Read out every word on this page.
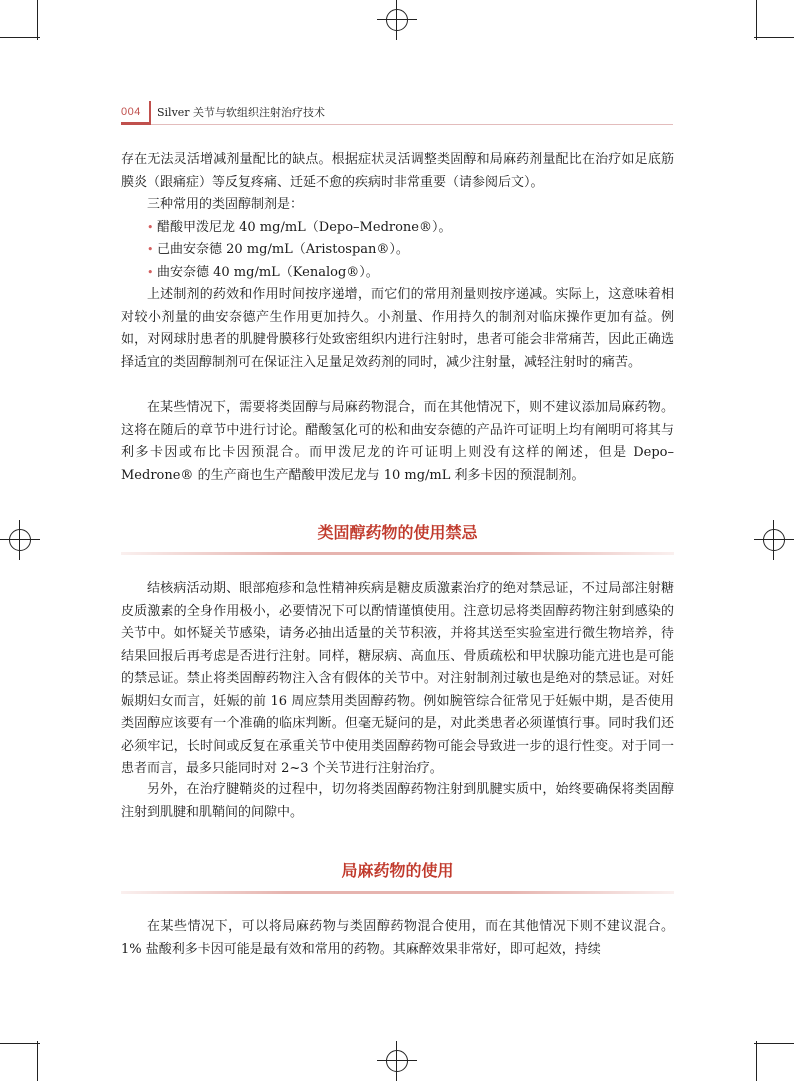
004	Silver 关节与软组织注射治疗技术
存在无法灵活增减剂量配比的缺点。根据症状灵活调整类固醇和局麻药剂量配比在治疗如足底筋膜炎（跟痛症）等反复疼痛、迁延不愈的疾病时非常重要（请参阅后文）。
三种常用的类固醇制剂是：
• 醋酸甲泼尼龙 40 mg/mL（Depo–Medrone®）。
• 己曲安奈德 20 mg/mL（Aristospan®）。
• 曲安奈德 40 mg/mL（Kenalog®）。
上述制剂的药效和作用时间按序递增，而它们的常用剂量则按序递减。实际上，这意味着相对较小剂量的曲安奈德产生作用更加持久。小剂量、作用持久的制剂对临床操作更加有益。例如，对网球肘患者的肌腱骨膜移行处致密组织内进行注射时，患者可能会非常痛苦，因此正确选择适宜的类固醇制剂可在保证注入足量足效药剂的同时，减少注射量，减轻注射时的痛苦。
在某些情况下，需要将类固醇与局麻药物混合，而在其他情况下，则不建议添加局麻药物。这将在随后的章节中进行讨论。醋酸氢化可的松和曲安奈德的产品许可证明上均有阐明可将其与利多卡因或布比卡因预混合。而甲泼尼龙的许可证明上则没有这样的阐述，但是 Depo–Medrone® 的生产商也生产醋酸甲泼尼龙与 10 mg/mL 利多卡因的预混制剂。
类固醇药物的使用禁忌
结核病活动期、眼部疱疹和急性精神疾病是糖皮质激素治疗的绝对禁忌证，不过局部注射糖皮质激素的全身作用极小，必要情况下可以酌情谨慎使用。注意切忌将类固醇药物注射到感染的关节中。如怀疑关节感染，请务必抽出适量的关节积液，并将其送至实验室进行微生物培养，待结果回报后再考虑是否进行注射。同样，糖尿病、高血压、骨质疏松和甲状腺功能亢进也是可能的禁忌证。禁止将类固醇药物注入含有假体的关节中。对注射制剂过敏也是绝对的禁忌证。对妊娠期妇女而言，妊娠的前 16 周应禁用类固醇药物。例如腕管综合征常见于妊娠中期，是否使用类固醇应该要有一个准确的临床判断。但毫无疑问的是，对此类患者必须谨慎行事。同时我们还必须牢记，长时间或反复在承重关节中使用类固醇药物可能会导致进一步的退行性变。对于同一患者而言，最多只能同时对 2~3 个关节进行注射治疗。
另外，在治疗腱鞘炎的过程中，切勿将类固醇药物注射到肌腱实质中，始终要确保将类固醇注射到肌腱和肌鞘间的间隙中。
局麻药物的使用
在某些情况下，可以将局麻药物与类固醇药物混合使用，而在其他情况下则不建议混合。1% 盐酸利多卡因可能是最有效和常用的药物。其麻醉效果非常好，即可起效，持续
